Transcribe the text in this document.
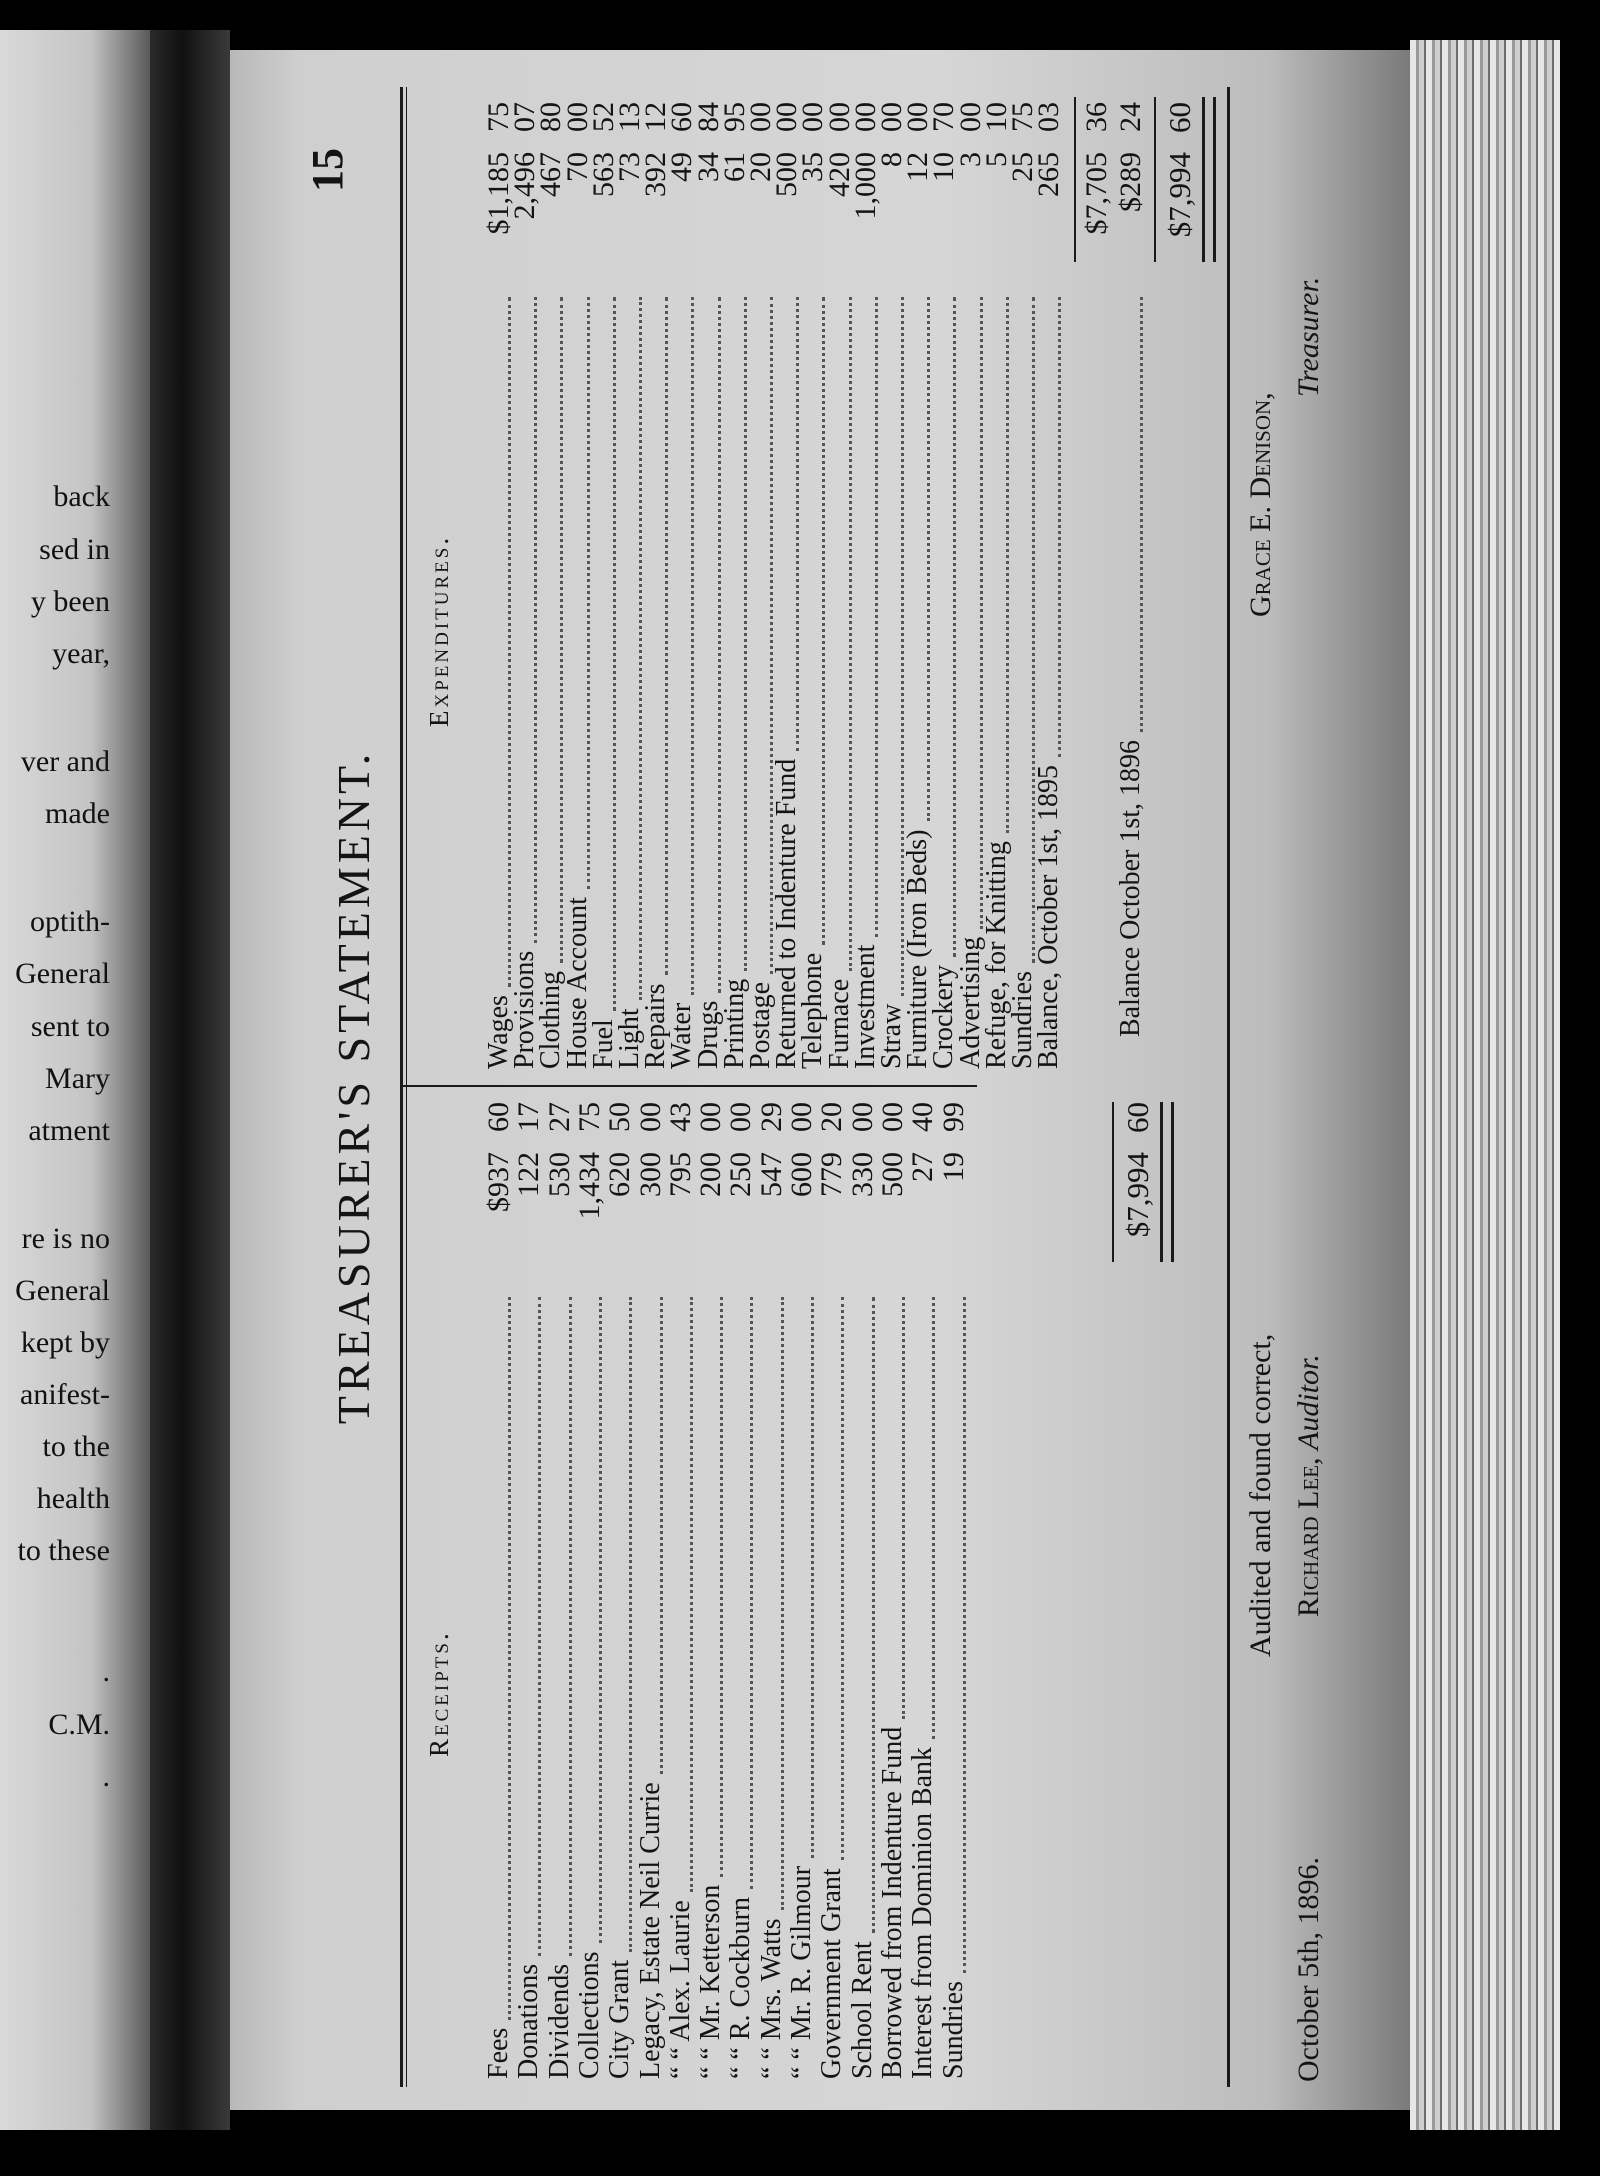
back
sed in
y been
year,
ver and
made
optith-
General
sent to
Mary
atment
re is no
General
kept by
anifest-
to the
health
to these
.
C.M.
.
15
TREASURER'S STATEMENT.
Receipts.
Expenditures.
Fees
$937
60
Donations
122
17
Dividends
530
27
Collections
1,434
75
City Grant
620
50
Legacy, Estate Neil Currie
300
00
“ “ Alex. Laurie
795
43
“ “ Mr. Ketterson
200
00
“ “ R. Cockburn
250
00
“ “ Mrs. Watts
547
29
“ “ Mr. R. Gilmour
600
00
Government Grant
779
20
School Rent
330
00
Borrowed from Indenture Fund
500
00
Interest from Dominion Bank
27
40
Sundries
19
99
Wages
$1,185
75
Provisions
2,496
07
Clothing
467
80
House Account
70
00
Fuel
563
52
Light
73
13
Repairs
392
12
Water
49
60
Drugs
34
84
Printing
61
95
Postage
20
00
Returned to Indenture Fund
500
00
Telephone
35
00
Furnace
420
00
Investment
1,000
00
Straw
8
00
Furniture (Iron Beds)
12
00
Crockery
10
70
Advertising
3
00
Refuge, for Knitting
5
10
Sundries
25
75
Balance, October 1st, 1895
265
03
$7,994
60
$7,705
36
Balance October 1st, 1896
$289
24
$7,994
60
Audited and found correct,
October 5th, 1896.
Richard Lee, Auditor.
Grace E. Denison,
Treasurer.
